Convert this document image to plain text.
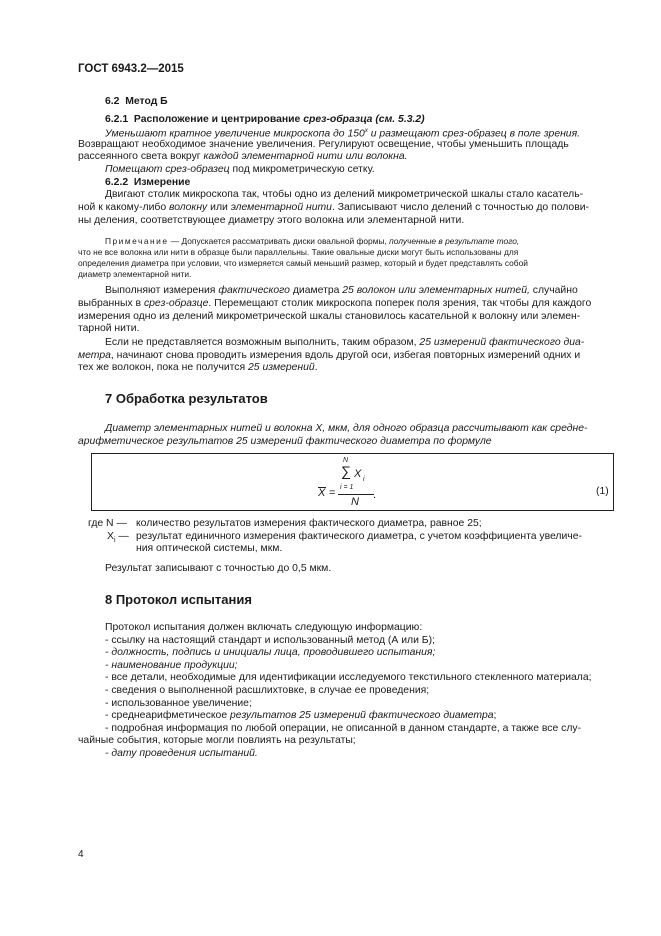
ГОСТ 6943.2—2015
6.2 Метод Б
6.2.1 Расположение и центрирование срез-образца (см. 5.3.2)
Уменьшают кратное увеличение микроскопа до 150$^x$ и размещают срез-образец в поле зрения.
Возвращают необходимое значение увеличения. Регулируют освещение, чтобы уменьшить площадь
рассеянного света вокруг каждой элементарной нити или волокна.
Помещают срез-образец под микрометрическую сетку.
6.2.2 Измерение
Двигают столик микроскопа так, чтобы одно из делений микрометрической шкалы стало касатель-
ной к какому-либо волокну или элементарной нити. Записывают число делений с точностью до полови-
ны деления, соответствующее диаметру этого волокна или элементарной нити.
Примечание — Допускается рассматривать диски овальной формы, полученные в результате того,
что не все волокна или нити в образце были параллельны. Такие овальные диски могут быть использованы для
определения диаметра при условии, что измеряется самый меньший размер, который и будет представлять собой
диаметр элементарной нити.
Выполняют измерения фактического диаметра 25 волокон или элементарных нитей, случайно
выбранных в срез-образце. Перемещают столик микроскопа поперек поля зрения, так чтобы для каждого
измерения одно из делений микрометрической шкалы становилось касательной к волокну или элемен-
тарной нити.
Если не представляется возможным выполнить, таким образом, 25 измерений фактического диа-
метра, начинают снова проводить измерения вдоль другой оси, избегая повторных измерений одних и
тех же волокон, пока не получится 25 измерений.
7 Обработка результатов
Диаметр элементарных нитей и волокна X, мкм, для одного образца рассчитывают как средне-
арифметическое результатов 25 измерений фактического диаметра по формуле
N
∑ X i
i = 1
X =
N
.	(1)
где N — количество результатов измерения фактического диаметра, равное 25;
$X_i$ — результат единичного измерения фактического диаметра, с учетом коэффициента увеличе-
ния оптической системы, мкм.
Результат записывают с точностью до 0,5 мкм.
8 Протокол испытания
Протокол испытания должен включать следующую информацию:
- ссылку на настоящий стандарт и использованный метод (А или Б);
- должность, подпись и инициалы лица, проводившего испытания;
- наименование продукции;
- все детали, необходимые для идентификации исследуемого текстильного стекленного материала;
- сведения о выполненной расшлихтовке, в случае ее проведения;
- использованное увеличение;
- среднеарифметическое результатов 25 измерений фактического диаметра;
- подробная информация по любой операции, не описанной в данном стандарте, а также все слу-
чайные события, которые могли повлиять на результаты;
- дату проведения испытаний.
4
